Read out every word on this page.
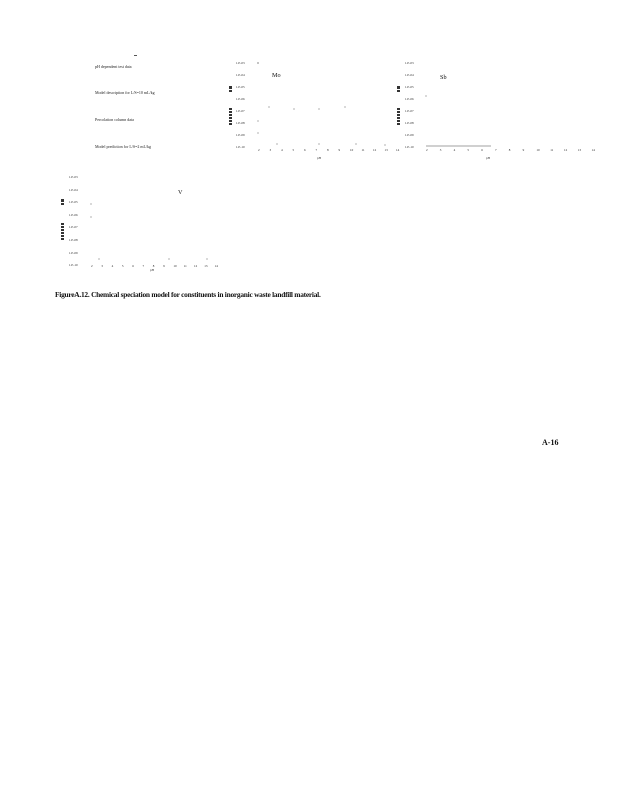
pH dependent test data
Model description for L/S=10 mL/kg
Percolation column data
Model prediction for L/S=2 mL/kg
Mo
pH
1.E-03
1.E-04
1.E-05
1.E-06
1.E-07
1.E-08
1.E-09
1.E-10
2	3	4	5	6	7	8	9	10	11	12	13	14
Sb
pH
1.E-03
1.E-04
1.E-05
1.E-06
1.E-07
1.E-08
1.E-09
1.E-10
2	3	4	5	6	7	8	9	10	11	12	13	14
V
pH
1.E-03
1.E-04
1.E-05
1.E-06
1.E-07
1.E-08
1.E-09
1.E-10	2	3	4	5	6	7	8	9	10 11 12 13 14
FigureA.12. Chemical speciation model for constituents in inorganic waste landfill material.
A-16
